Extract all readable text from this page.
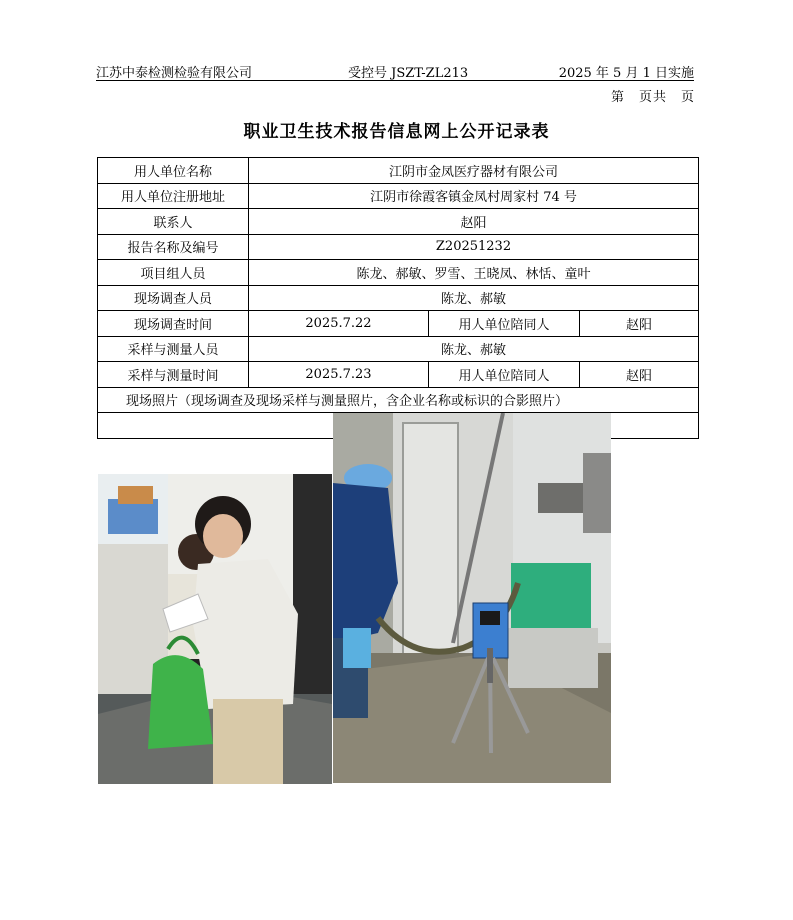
江苏中泰检测检验有限公司	受控号 JSZT-ZL213	2025 年 5 月 1 日实施
第 页共 页
职业卫生技术报告信息网上公开记录表
用人单位名称	江阴市金凤医疗器材有限公司		
用人单位注册地址	江阴市徐霞客镇金凤村周家村 74 号		
联系人	赵阳		
报告名称及编号	Z20251232		
项目组人员	陈龙、郝敏、罗雪、王晓凤、林恬、童叶		
现场调查人员	陈龙、郝敏		
现场调查时间	2025.7.22	用人单位陪同人	赵阳
采样与测量人员	陈龙、郝敏		
采样与测量时间	2025.7.23	用人单位陪同人	赵阳
现场照片（现场调查及现场采样与测量照片，含企业名称或标识的合影照片）			
